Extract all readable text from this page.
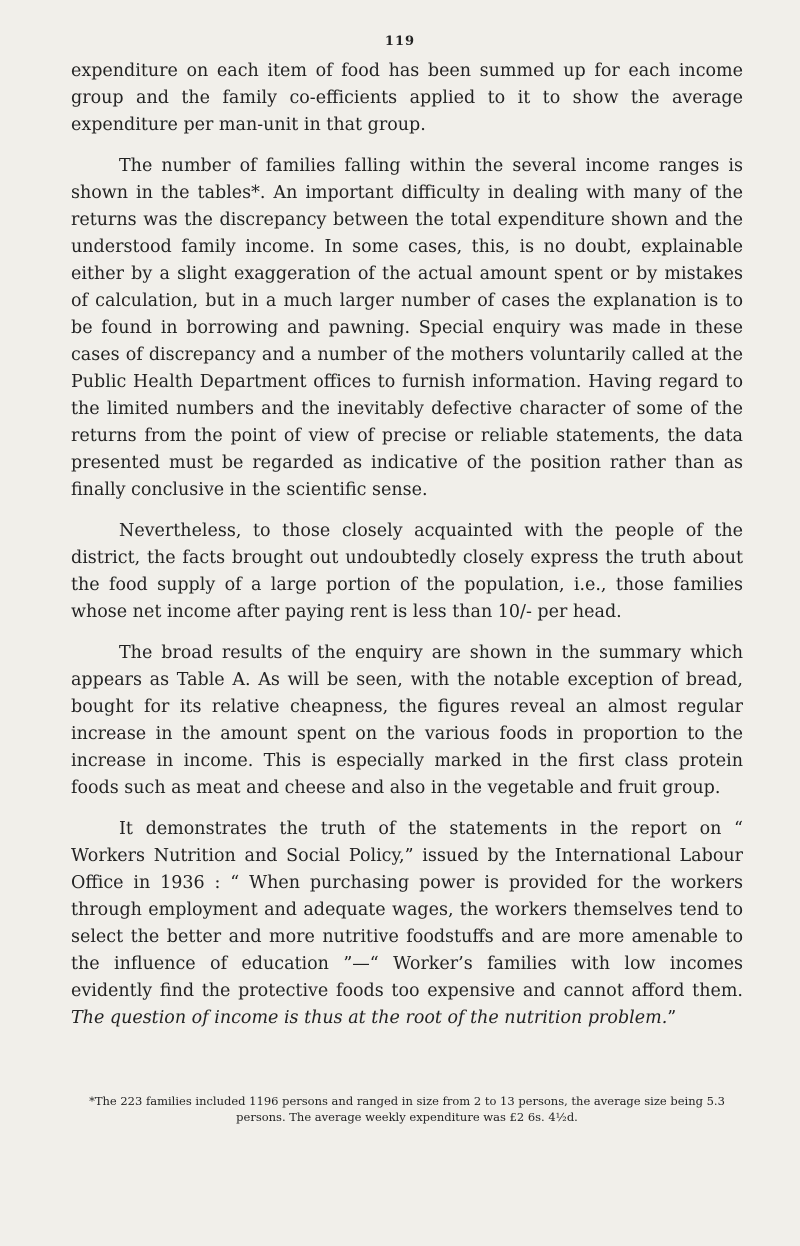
119

expenditure on each item of food has been summed up for each income group and the family co-efficients applied to it to show the average expenditure per man-unit in that group.

The number of families falling within the several income ranges is shown in the tables*. An important difficulty in dealing with many of the returns was the discrepancy between the total expenditure shown and the understood family income. In some cases, this, is no doubt, explainable either by a slight exaggeration of the actual amount spent or by mistakes of calculation, but in a much larger number of cases the explanation is to be found in borrowing and pawning. Special enquiry was made in these cases of discrepancy and a number of the mothers voluntarily called at the Public Health Department offices to furnish information. Having regard to the limited numbers and the inevitably defective character of some of the returns from the point of view of precise or reliable statements, the data presented must be regarded as indicative of the position rather than as finally conclusive in the scientific sense.

Nevertheless, to those closely acquainted with the people of the district, the facts brought out undoubtedly closely express the truth about the food supply of a large portion of the population, i.e., those families whose net income after paying rent is less than 10/- per head.

The broad results of the enquiry are shown in the summary which appears as Table A. As will be seen, with the notable exception of bread, bought for its relative cheapness, the figures reveal an almost regular increase in the amount spent on the various foods in proportion to the increase in income. This is especially marked in the first class protein foods such as meat and cheese and also in the vegetable and fruit group.

It demonstrates the truth of the statements in the report on “ Workers Nutrition and Social Policy,” issued by the International Labour Office in 1936 : “ When purchasing power is provided for the workers through employment and adequate wages, the workers themselves tend to select the better and more nutritive foodstuffs and are more amenable to the influence of education ”—“ Worker’s families with low incomes evidently find the protective foods too expensive and cannot afford them. The question of income is thus at the root of the nutrition problem.”

*The 223 families included 1196 persons and ranged in size from 2 to 13 persons, the average size being 5.3 persons. The average weekly expenditure was £2 6s. 4½d.
